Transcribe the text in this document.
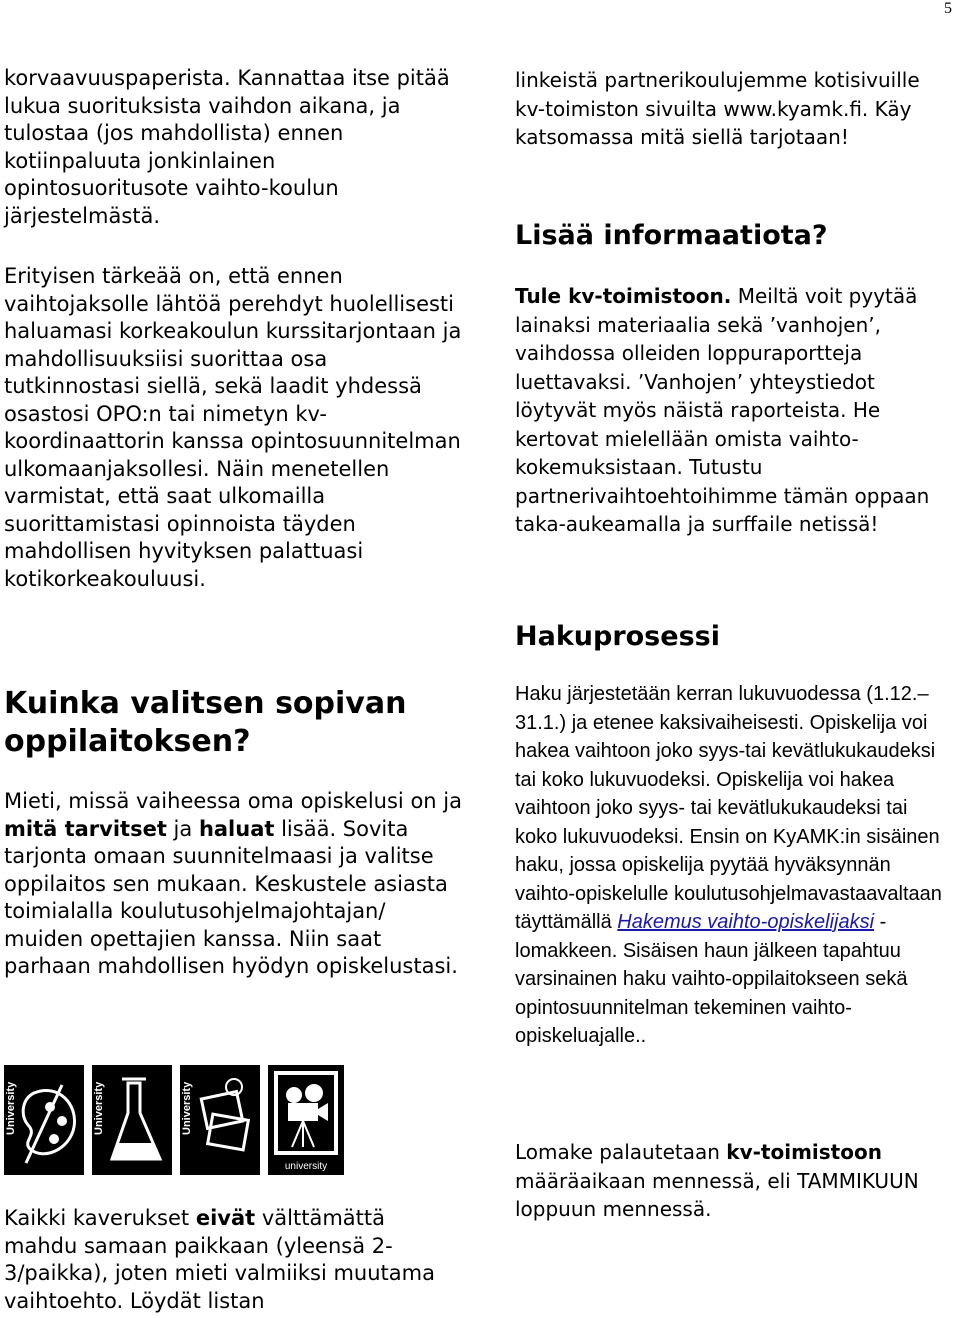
5

korvaavuuspaperista. Kannattaa itse pitää lukua suorituksista vaihdon aikana, ja tulostaa (jos mahdollista) ennen kotiinpaluuta jonkinlainen opintosuoritusote vaihto-koulun järjestelmästä.

Erityisen tärkeää on, että ennen vaihtojaksolle lähtöä perehdyt huolellisesti haluamasi korkeakoulun kurssitarjontaan ja mahdollisuuksiisi suorittaa osa tutkinnostasi siellä, sekä laadit yhdessä osastosi OPO:n tai nimetyn kv-koordinaattorin kanssa opintosuunnitelman ulkomaanjaksollesi. Näin menetellen varmistat, että saat ulkomailla suorittamistasi opinnoista täyden mahdollisen hyvityksen palattuasi kotikorkeakouluusi.

Kuinka valitsen sopivan oppilaitoksen?

Mieti, missä vaiheessa oma opiskelusi on ja mitä tarvitset ja haluat lisää. Sovita tarjonta omaan suunnitelmaasi ja valitse oppilaitos sen mukaan. Keskustele asiasta toimialalla koulutusohjelmajohtajan/ muiden opettajien kanssa. Niin saat parhaan mahdollisen hyödyn opiskelustasi.

Kaikki kaverukset eivät välttämättä mahdu samaan paikkaan (yleensä 2-3/paikka), joten mieti valmiiksi muutama vaihtoehto. Löydät listan

University	University	University
university

linkeistä partnerikoulujemme kotisivuille kv-toimiston sivuilta www.kyamk.fi. Käy katsomassa mitä siellä tarjotaan!

Lisää informaatiota?

Tule kv-toimistoon. Meiltä voit pyytää lainaksi materiaalia sekä ’vanhojen’, vaihdossa olleiden loppuraportteja luettavaksi. ’Vanhojen’ yhteystiedot löytyvät myös näistä raporteista. He kertovat mielellään omista vaihto-kokemuksistaan. Tutustu partnerivaihtoehtoihimme tämän oppaan taka-aukeamalla ja surffaile netissä!

Hakuprosessi

Haku järjestetään kerran lukuvuodessa (1.12.–31.1.) ja etenee kaksivaiheisesti. Opiskelija voi hakea vaihtoon joko syys-tai kevätlukukaudeksi tai koko lukuvuodeksi. Opiskelija voi hakea vaihtoon joko syys- tai kevätlukukaudeksi tai koko lukuvuodeksi. Ensin on KyAMK:in sisäinen haku, jossa opiskelija pyytää hyväksynnän vaihto-opiskelulle koulutusohjelmavastaavaltaan täyttämällä Hakemus vaihto-opiskelijaksi -lomakkeen. Sisäisen haun jälkeen tapahtuu varsinainen haku vaihto-oppilaitokseen sekä opintosuunnitelman tekeminen vaihto-opiskeluajalle..

Lomake palautetaan kv-toimistoon määräaikaan mennessä, eli TAMMIKUUN loppuun mennessä.
